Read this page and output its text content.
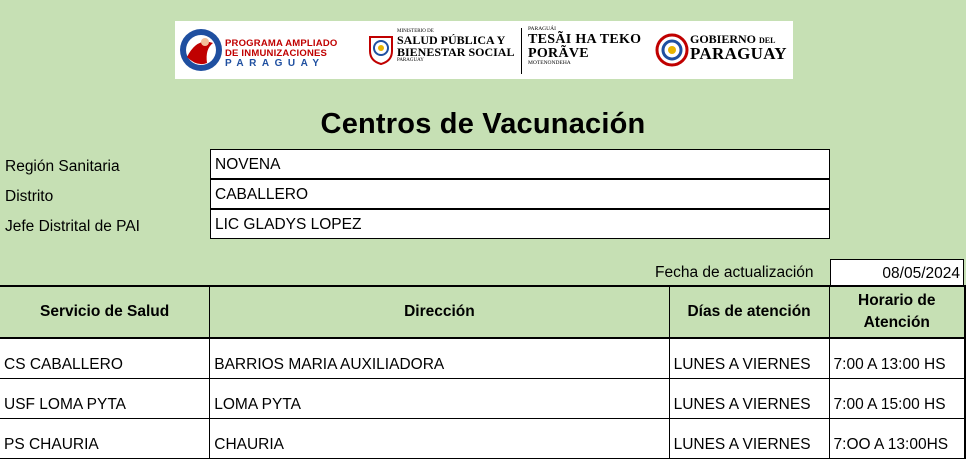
PROGRAMA AMPLIADO
DE INMUNIZACIONES
PARAGUAY
MINISTERIO DE
SALUD PÚBLICA Y
BIENESTAR SOCIAL
PARAGUAY
PARAGUÁI
TESÃI HA TEKO
PORÃVE
MOTENONDEHA
GOBIERNO DEL
PARAGUAY
Centros de Vacunación
Región Sanitaria	NOVENA
Distrito	CABALLERO
Jefe Distrital de PAI	LIC GLADYS LOPEZ
Fecha de actualización	08/05/2024
Servicio de Salud	Dirección	Días de atención	Horario de Atención
CS CABALLERO	BARRIOS MARIA AUXILIADORA	LUNES A VIERNES	7:00 A 13:00 HS
USF LOMA PYTA	LOMA PYTA	LUNES A VIERNES	7:00 A 15:00 HS
PS CHAURIA	CHAURIA	LUNES A VIERNES	7:OO A 13:00HS
